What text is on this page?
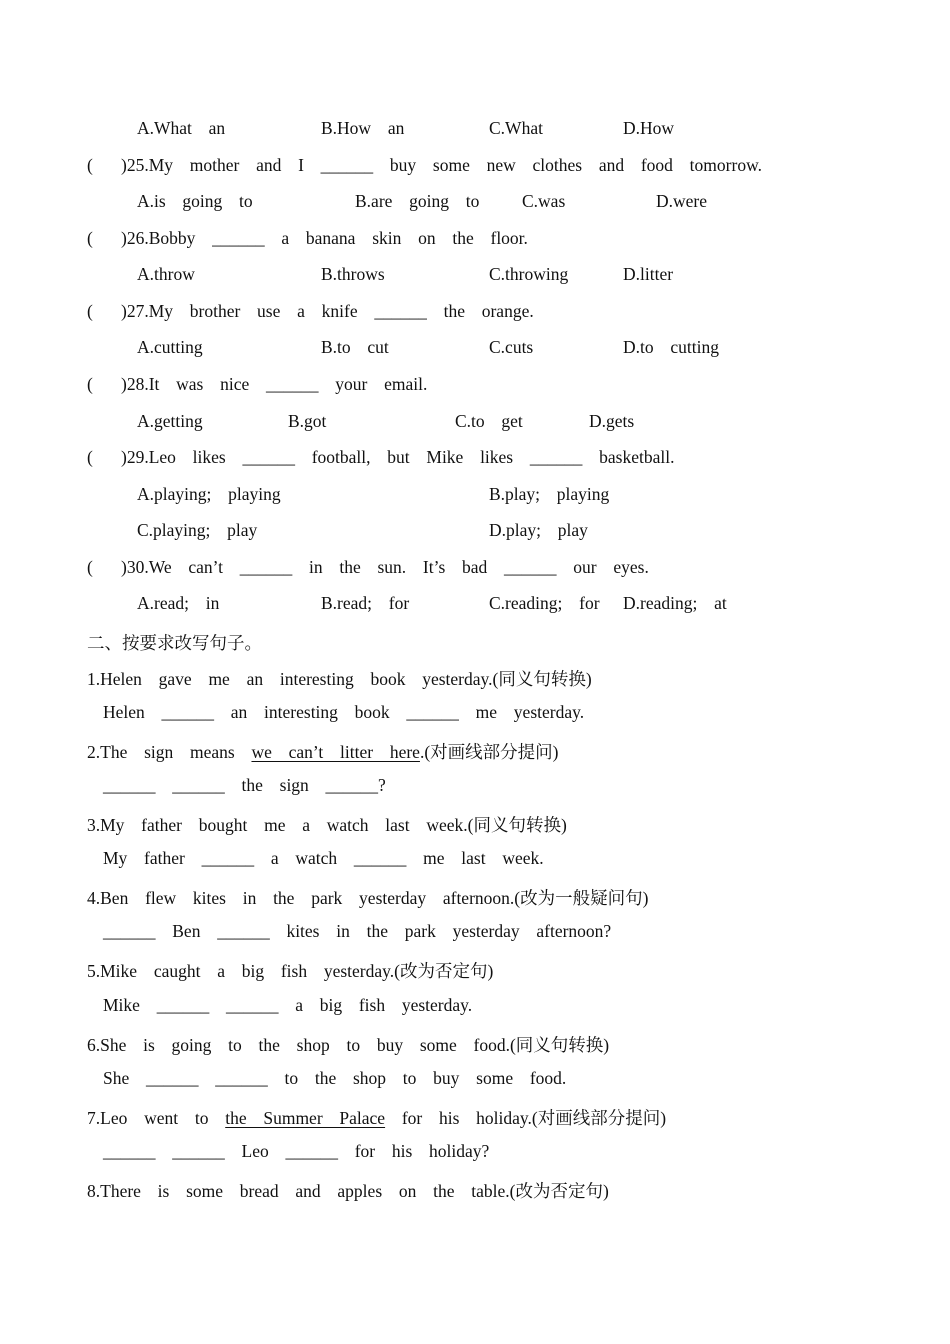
A.What  an	B.How  an	C.What	D.How
( )25.My  mother  and  I  ______  buy  some  new  clothes  and  food  tomorrow.
A.is  going  to	B.are  going  to C.was	D.were
( )26.Bobby  ______  a  banana  skin  on  the  floor.
A.throw	B.throws	C.throwing	D.litter
( )27.My  brother  use  a  knife  ______  the  orange.
A.cutting	B.to  cut	C.cuts	D.to  cutting
( )28.It  was  nice  ______  your  email.
A.getting	B.got	C.to  get	D.gets
( )29.Leo  likes  ______  football,  but  Mike  likes  ______  basketball.
A.playing;  playing	B.play;  playing
C.playing;  play	D.play;  play
( )30.We  can’t  ______  in  the  sun.  It’s  bad  ______  our  eyes.
A.read;  in	B.read;  for	C.reading;  for D.reading;  at
二、按要求改写句子。
1.Helen  gave  me  an  interesting  book  yesterday.(同义句转换)
Helen  ______  an  interesting  book  ______  me  yesterday.
2.The  sign  means  we  can’t  litter  here.(对画线部分提问)
______  ______  the  sign  ______?
3.My  father  bought  me  a  watch  last  week.(同义句转换)
My  father  ______  a  watch  ______  me  last  week.
4.Ben  flew  kites  in  the  park  yesterday  afternoon.(改为一般疑问句)
______  Ben  ______  kites  in  the  park  yesterday  afternoon?
5.Mike  caught  a  big  fish  yesterday.(改为否定句)
Mike  ______  ______  a  big  fish  yesterday.
6.She  is  going  to  the  shop  to  buy  some  food.(同义句转换)
She  ______  ______  to  the  shop  to  buy  some  food.
7.Leo  went  to  the  Summer  Palace  for  his  holiday.(对画线部分提问)
______  ______  Leo  ______  for  his  holiday?
8.There  is  some  bread  and  apples  on  the  table.(改为否定句)
